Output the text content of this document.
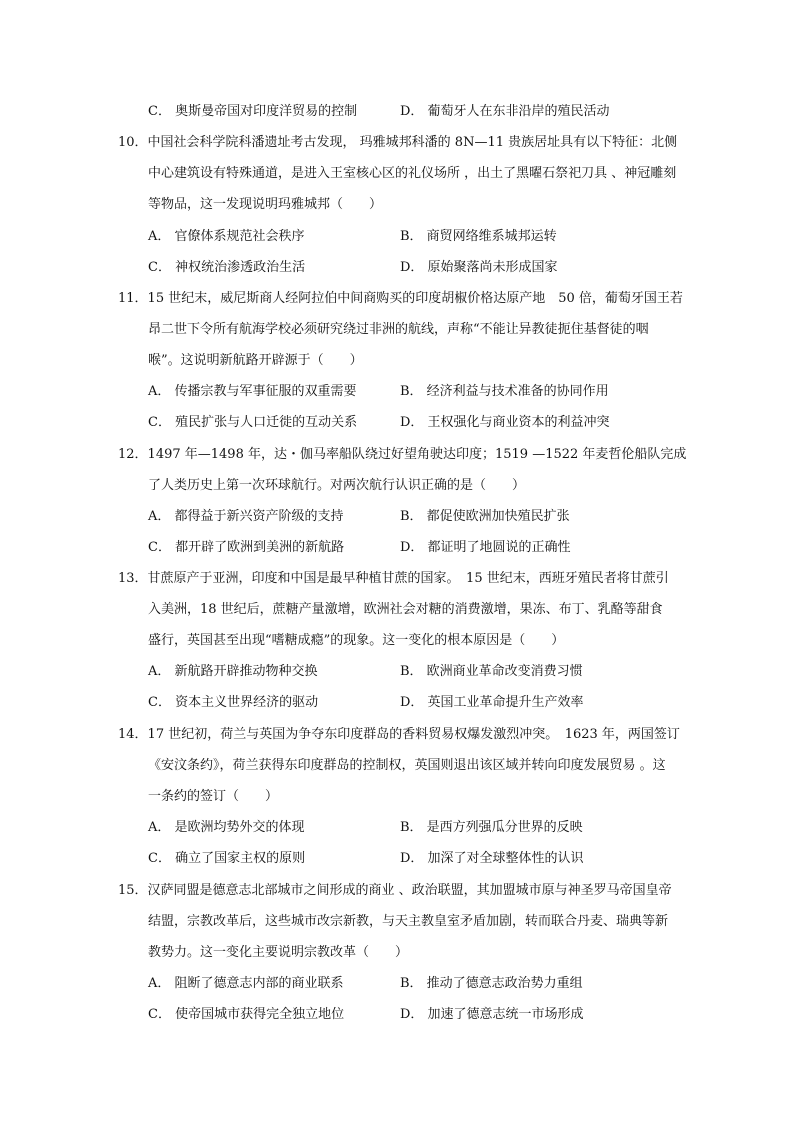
C． 奥斯曼帝国对印度洋贸易的控制	D． 葡萄牙人在东非沿岸的殖民活动
10．中国社会科学院科潘遗址考古发现， 玛雅城邦科潘的 8N—11 贵族居址具有以下特征：北侧
中心建筑设有特殊通道，是进入王室核心区的礼仪场所 ，出土了黑曜石祭祀刀具 、神冠雕刻
等物品，这一发现说明玛雅城邦（　　）
A． 官僚体系规范社会秩序	B． 商贸网络维系城邦运转
C． 神权统治渗透政治生活	D． 原始聚落尚未形成国家
11．15 世纪末，威尼斯商人经阿拉伯中间商购买的印度胡椒价格达原产地　50 倍，葡萄牙国王若
昂二世下令所有航海学校必须研究绕过非洲的航线，声称“不能让异教徒扼住基督徒的咽
喉”。这说明新航路开辟源于（　　）
A． 传播宗教与军事征服的双重需要	B． 经济利益与技术准备的协同作用
C． 殖民扩张与人口迁徙的互动关系	D． 王权强化与商业资本的利益冲突
12．1497 年—1498 年，达・伽马率船队绕过好望角驶达印度；1519 —1522 年麦哲伦船队完成
了人类历史上第一次环球航行。对两次航行认识正确的是（　　）
A． 都得益于新兴资产阶级的支持	B． 都促使欧洲加快殖民扩张
C． 都开辟了欧洲到美洲的新航路	D． 都证明了地圆说的正确性
13．甘蔗原产于亚洲，印度和中国是最早种植甘蔗的国家。　15 世纪末，西班牙殖民者将甘蔗引
入美洲，18 世纪后，蔗糖产量激增，欧洲社会对糖的消费激增，果冻、布丁、乳酪等甜食
盛行，英国甚至出现“嗜糖成瘾”的现象。这一变化的根本原因是（　　）
A． 新航路开辟推动物种交换	B． 欧洲商业革命改变消费习惯
C． 资本主义世界经济的驱动	D． 英国工业革命提升生产效率
14．17 世纪初，荷兰与英国为争夺东印度群岛的香料贸易权爆发激烈冲突。　1623 年，两国签订
《安汶条约》，荷兰获得东印度群岛的控制权，英国则退出该区域并转向印度发展贸易 。这
一条约的签订（　　）
A． 是欧洲均势外交的体现	B． 是西方列强瓜分世界的反映
C． 确立了国家主权的原则	D． 加深了对全球整体性的认识
15．汉萨同盟是德意志北部城市之间形成的商业 、政治联盟，其加盟城市原与神圣罗马帝国皇帝
结盟，宗教改革后，这些城市改宗新教，与天主教皇室矛盾加剧，转而联合丹麦、瑞典等新
教势力。这一变化主要说明宗教改革（　　）
A． 阻断了德意志内部的商业联系	B． 推动了德意志政治势力重组
C． 使帝国城市获得完全独立地位	D． 加速了德意志统一市场形成
